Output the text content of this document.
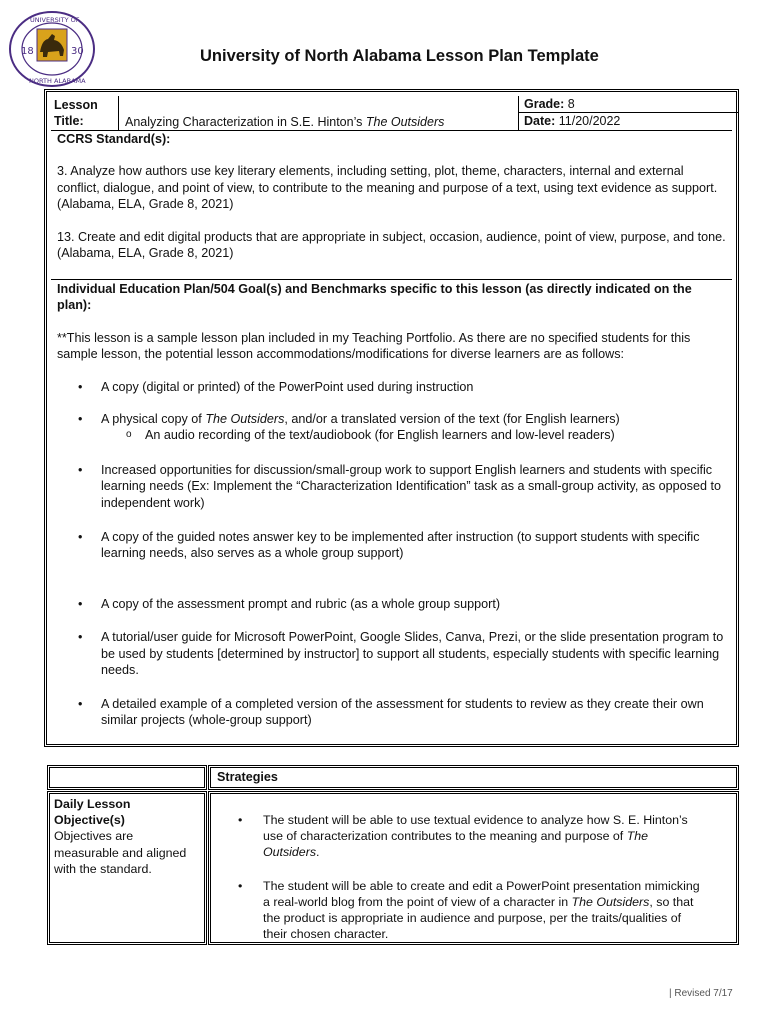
18	30
UNIVERSITY OF
NORTH ALABAMA
University of North Alabama Lesson Plan Template
Lesson Title:	Analyzing Characterization in S.E. Hinton’s The Outsiders
Grade: 8
Date: 11/20/2022

CCRS Standard(s):

3. Analyze how authors use key literary elements, including setting, plot, theme, characters, internal and external conflict, dialogue, and point of view, to contribute to the meaning and purpose of a text, using text evidence as support. (Alabama, ELA, Grade 8, 2021)

13. Create and edit digital products that are appropriate in subject, occasion, audience, point of view, purpose, and tone. (Alabama, ELA, Grade 8, 2021)

Individual Education Plan/504 Goal(s) and Benchmarks specific to this lesson (as directly indicated on the plan):

**This lesson is a sample lesson plan included in my Teaching Portfolio. As there are no specified students for this sample lesson, the potential lesson accommodations/modifications for diverse learners are as follows:

• A copy (digital or printed) of the PowerPoint used during instruction
• A physical copy of The Outsiders, and/or a translated version of the text (for English learners)
o An audio recording of the text/audiobook (for English learners and low-level readers)
• Increased opportunities for discussion/small-group work to support English learners and students with specific learning needs (Ex: Implement the “Characterization Identification” task as a small-group activity, as opposed to independent work)
• A copy of the guided notes answer key to be implemented after instruction (to support students with specific learning needs, also serves as a whole group support)
• A copy of the assessment prompt and rubric (as a whole group support)
• A tutorial/user guide for Microsoft PowerPoint, Google Slides, Canva, Prezi, or the slide presentation program to be used by students [determined by instructor] to support all students, especially students with specific learning needs.
• A detailed example of a completed version of the assessment for students to review as they create their own similar projects (whole-group support)
Strategies
Daily Lesson Objective(s)
Objectives are measurable and aligned with the standard.
• The student will be able to use textual evidence to analyze how S. E. Hinton’s use of characterization contributes to the meaning and purpose of The Outsiders.
• The student will be able to create and edit a PowerPoint presentation mimicking a real-world blog from the point of view of a character in The Outsiders, so that the product is appropriate in audience and purpose, per the traits/qualities of their chosen character.
| Revised 7/17
